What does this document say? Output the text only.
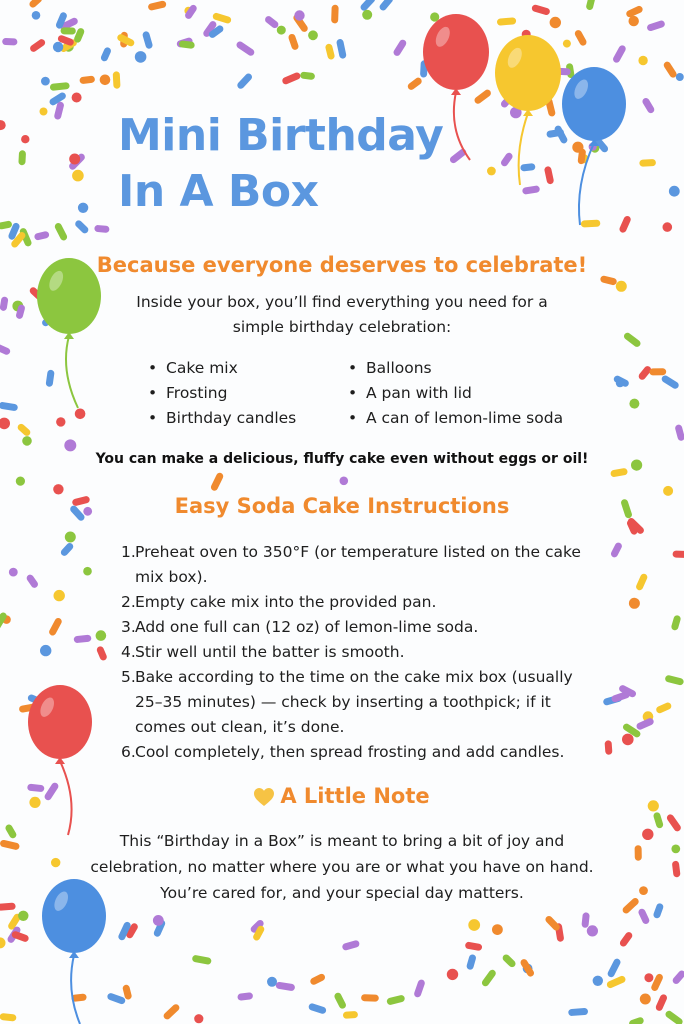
Mini Birthday
In A Box
Because everyone deserves to celebrate!
Inside your box, you’ll find everything you need for a
simple birthday celebration:
• Cake mix
• Frosting
• Birthday candles
• Balloons
• A pan with lid
• A can of lemon-lime soda
You can make a delicious, fluffy cake even without eggs or oil!
Easy Soda Cake Instructions
1. Preheat oven to 350°F (or temperature listed on the cake
mix box).
2. Empty cake mix into the provided pan.
3. Add one full can (12 oz) of lemon-lime soda.
4. Stir well until the batter is smooth.
5. Bake according to the time on the cake mix box (usually
25–35 minutes) — check by inserting a toothpick; if it
comes out clean, it’s done.
6. Cool completely, then spread frosting and add candles.
A Little Note
This “Birthday in a Box” is meant to bring a bit of joy and
celebration, no matter where you are or what you have on hand.
You’re cared for, and your special day matters.
